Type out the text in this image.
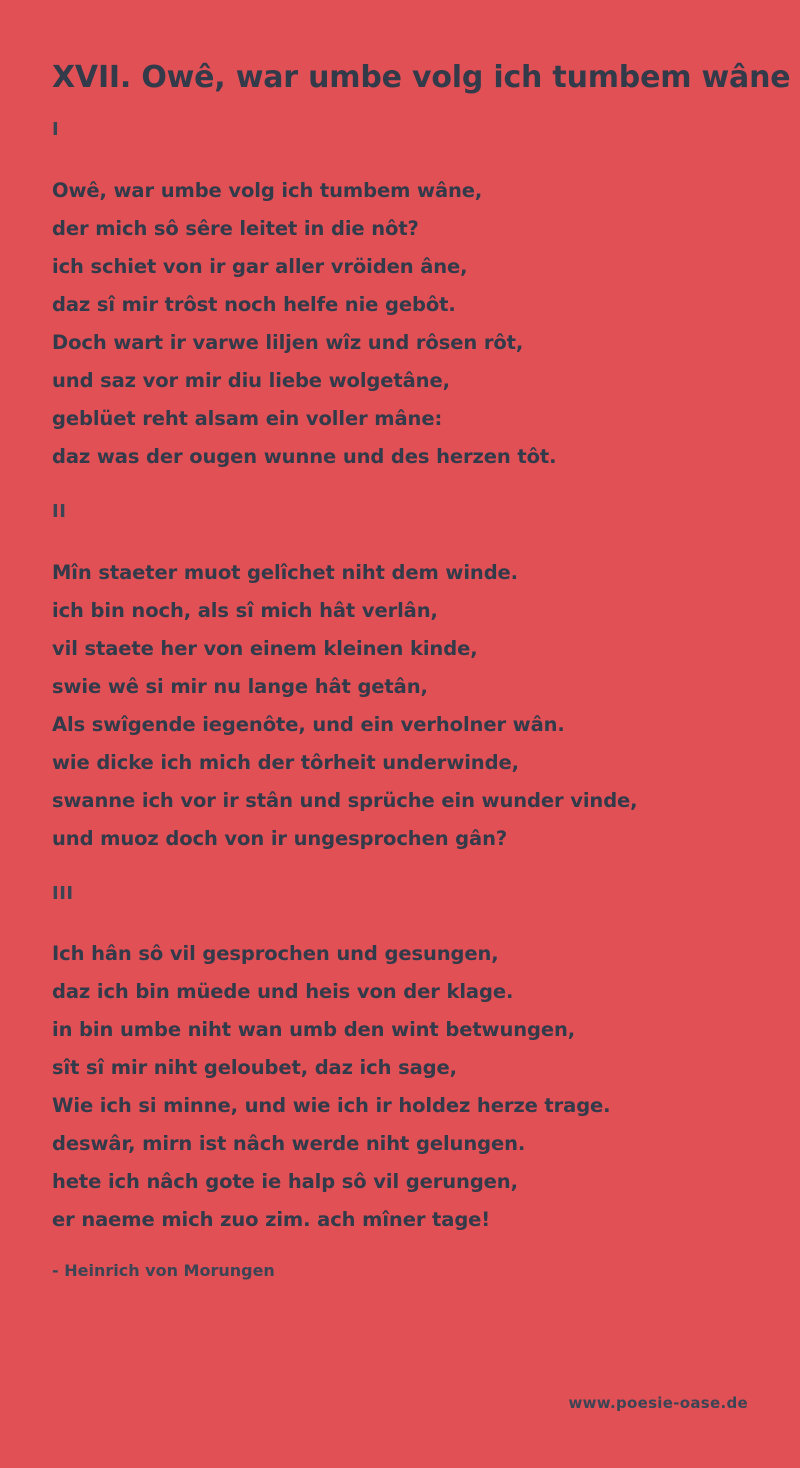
XVII. Owê, war umbe volg ich tumbem wâne
I
Owê, war umbe volg ich tumbem wâne,
der mich sô sêre leitet in die nôt?
ich schiet von ir gar aller vröiden âne,
daz sî mir trôst noch helfe nie gebôt.
Doch wart ir varwe liljen wîz und rôsen rôt,
und saz vor mir diu liebe wolgetâne,
geblüet reht alsam ein voller mâne:
daz was der ougen wunne und des herzen tôt.
II
Mîn staeter muot gelîchet niht dem winde.
ich bin noch, als sî mich hât verlân,
vil staete her von einem kleinen kinde,
swie wê si mir nu lange hât getân,
Als swîgende iegenôte, und ein verholner wân.
wie dicke ich mich der tôrheit underwinde,
swanne ich vor ir stân und sprüche ein wunder vinde,
und muoz doch von ir ungesprochen gân?
III
Ich hân sô vil gesprochen und gesungen,
daz ich bin müede und heis von der klage.
in bin umbe niht wan umb den wint betwungen,
sît sî mir niht geloubet, daz ich sage,
Wie ich si minne, und wie ich ir holdez herze trage.
deswâr, mirn ist nâch werde niht gelungen.
hete ich nâch gote ie halp sô vil gerungen,
er naeme mich zuo zim. ach mîner tage!
- Heinrich von Morungen
www.poesie-oase.de
